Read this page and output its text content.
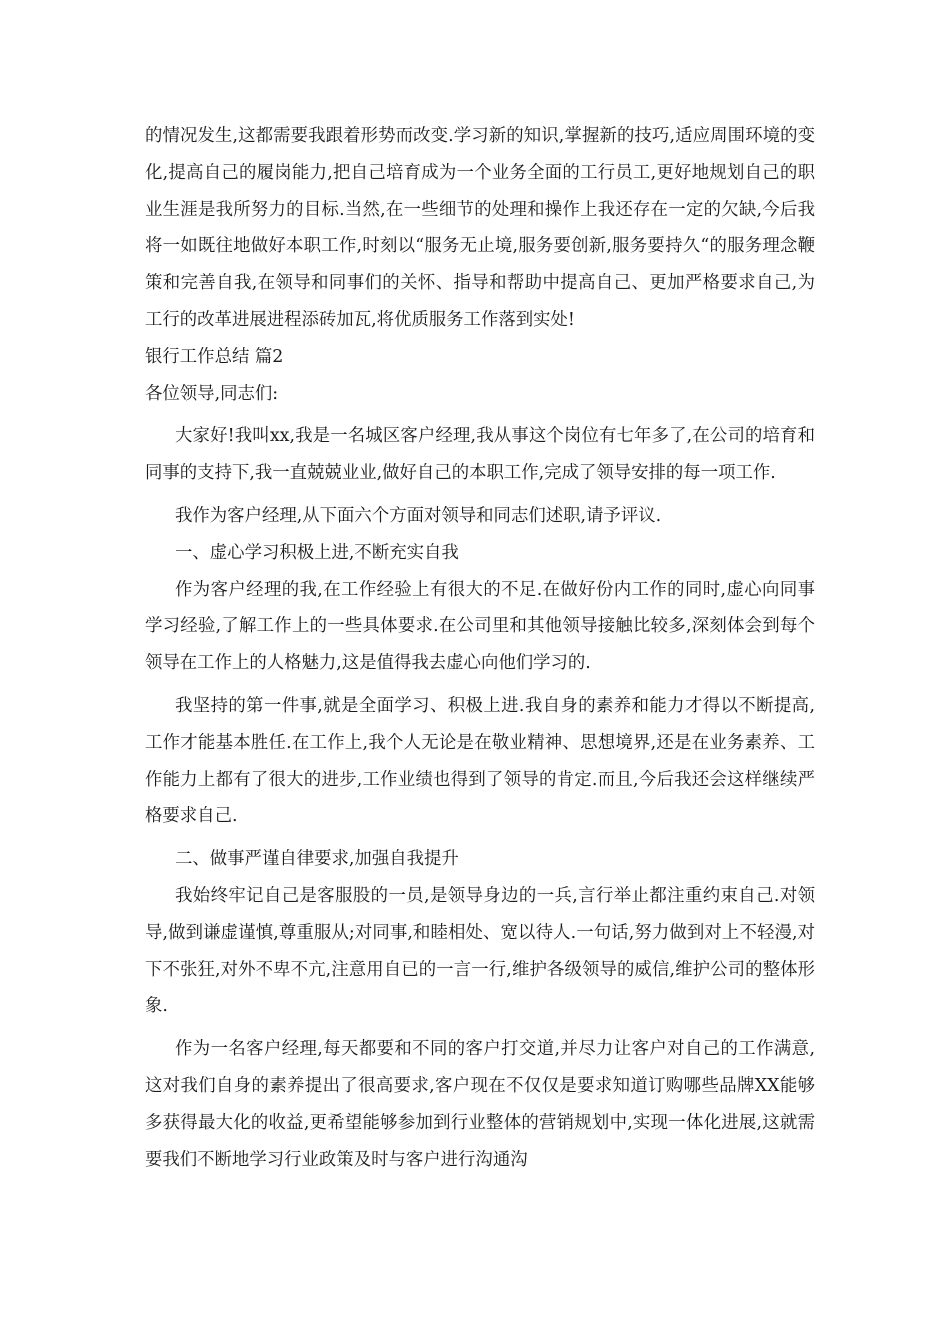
的情况发生,这都需要我跟着形势而改变.学习新的知识,掌握新的技巧,适应周围环境的变化,提高自己的履岗能力,把自己培育成为一个业务全面的工行员工,更好地规划自己的职业生涯是我所努力的目标.当然,在一些细节的处理和操作上我还存在一定的欠缺,今后我将一如既往地做好本职工作,时刻以“服务无止境,服务要创新,服务要持久“的服务理念鞭策和完善自我,在领导和同事们的关怀、指导和帮助中提高自己、更加严格要求自己,为工行的改革进展进程添砖加瓦,将优质服务工作落到实处!

银行工作总结 篇2

各位领导,同志们:

大家好!我叫xx,我是一名城区客户经理,我从事这个岗位有七年多了,在公司的培育和同事的支持下,我一直兢兢业业,做好自己的本职工作,完成了领导安排的每一项工作.

我作为客户经理,从下面六个方面对领导和同志们述职,请予评议.

一、虚心学习积极上进,不断充实自我

作为客户经理的我,在工作经验上有很大的不足.在做好份内工作的同时,虚心向同事学习经验,了解工作上的一些具体要求.在公司里和其他领导接触比较多,深刻体会到每个领导在工作上的人格魅力,这是值得我去虚心向他们学习的.

我坚持的第一件事,就是全面学习、积极上进.我自身的素养和能力才得以不断提高,工作才能基本胜任.在工作上,我个人无论是在敬业精神、思想境界,还是在业务素养、工作能力上都有了很大的进步,工作业绩也得到了领导的肯定.而且,今后我还会这样继续严格要求自己.

二、做事严谨自律要求,加强自我提升

我始终牢记自己是客服股的一员,是领导身边的一兵,言行举止都注重约束自己.对领导,做到谦虚谨慎,尊重服从;对同事,和睦相处、宽以待人.一句话,努力做到对上不轻漫,对下不张狂,对外不卑不亢,注意用自已的一言一行,维护各级领导的威信,维护公司的整体形象.

作为一名客户经理,每天都要和不同的客户打交道,并尽力让客户对自己的工作满意,这对我们自身的素养提出了很高要求,客户现在不仅仅是要求知道订购哪些品牌XX能够多获得最大化的收益,更希望能够参加到行业整体的营销规划中,实现一体化进展,这就需要我们不断地学习行业政策及时与客户进行沟通沟
